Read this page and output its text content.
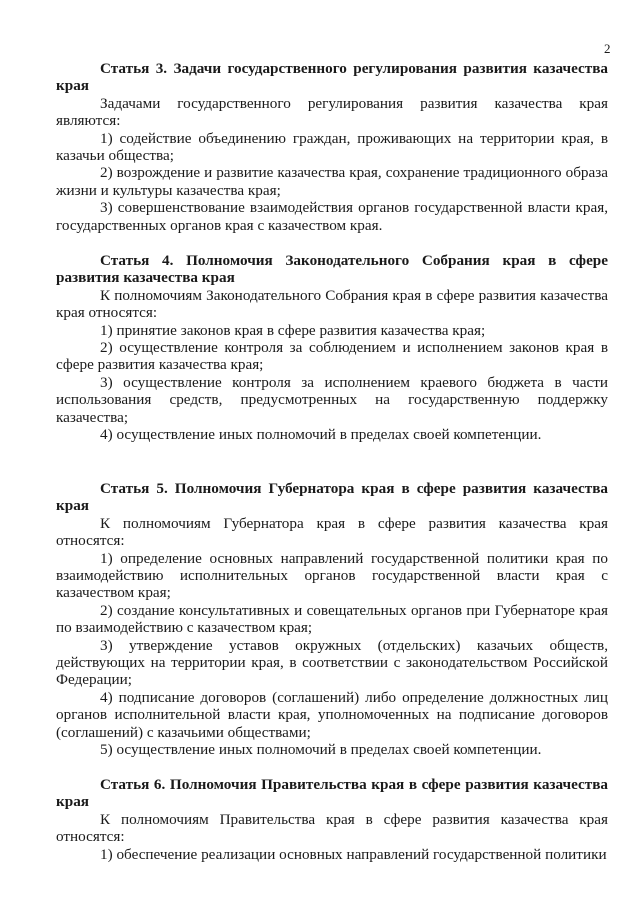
2

Статья 3. Задачи государственного регулирования развития казачества края

Задачами государственного регулирования развития казачества края являются:

1) содействие объединению граждан, проживающих на территории края, в казачьи общества;

2) возрождение и развитие казачества края, сохранение традиционного образа жизни и культуры казачества края;

3) совершенствование взаимодействия органов государственной власти края, государственных органов края с казачеством края.

Статья 4. Полномочия Законодательного Собрания края в сфере развития казачества края

К полномочиям Законодательного Собрания края в сфере развития казачества края относятся:

1) принятие законов края в сфере развития казачества края;

2) осуществление контроля за соблюдением и исполнением законов края в сфере развития казачества края;

3) осуществление контроля за исполнением краевого бюджета в части использования средств, предусмотренных на государственную поддержку казачества;

4) осуществление иных полномочий в пределах своей компетенции.

Статья 5. Полномочия Губернатора края в сфере развития казачества края

К полномочиям Губернатора края в сфере развития казачества края относятся:

1) определение основных направлений государственной политики края по взаимодействию исполнительных органов государственной власти края с казачеством края;

2) создание консультативных и совещательных органов при Губернаторе края по взаимодействию с казачеством края;

3) утверждение уставов окружных (отдельских) казачьих обществ, действующих на территории края, в соответствии с законодательством Российской Федерации;

4) подписание договоров (соглашений) либо определение должностных лиц органов исполнительной власти края, уполномоченных на подписание договоров (соглашений) с казачьими обществами;

5) осуществление иных полномочий в пределах своей компетенции.

Статья 6. Полномочия Правительства края в сфере развития казачества края

К полномочиям Правительства края в сфере развития казачества края относятся:

1) обеспечение реализации основных направлений государственной политики
